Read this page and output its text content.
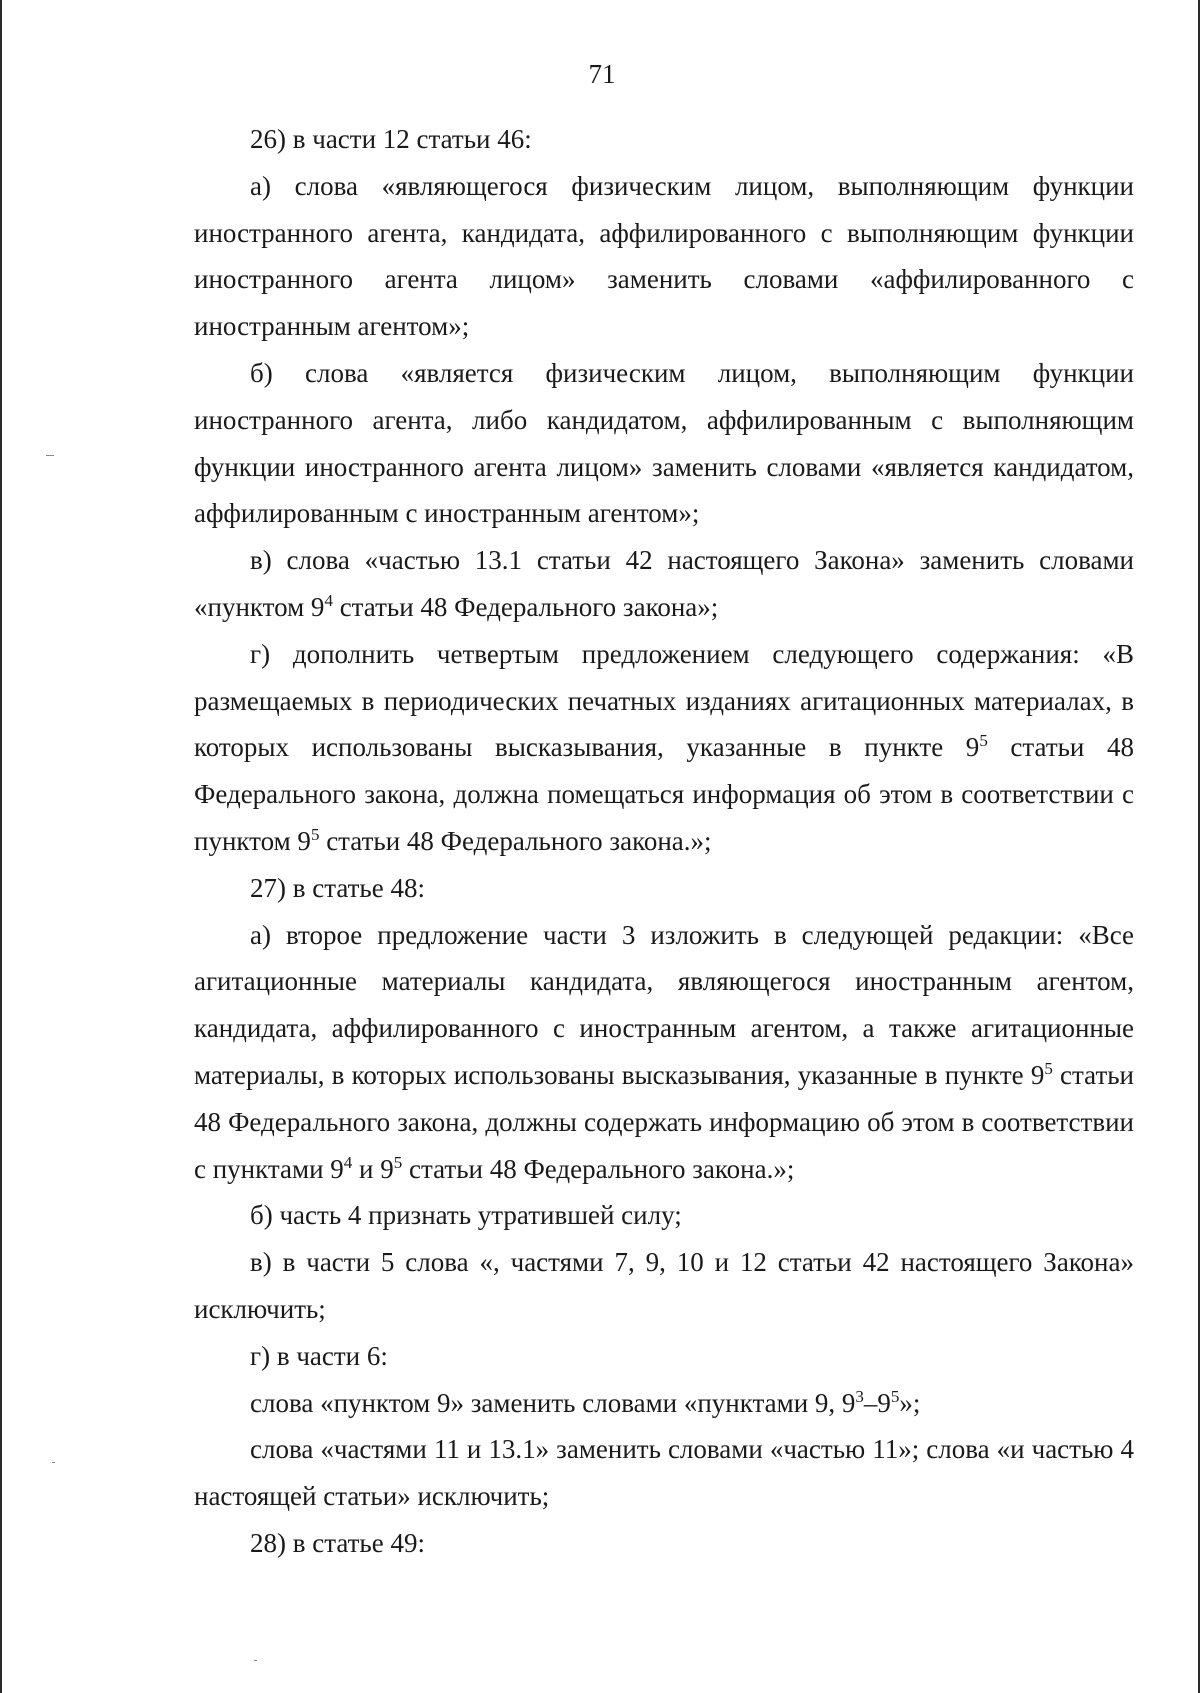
71

26) в части 12 статьи 46:

а) слова «являющегося физическим лицом, выполняющим функции иностранного агента, кандидата, аффилированного с выполняющим функции иностранного агента лицом» заменить словами «аффилированного с иностранным агентом»;

б) слова «является физическим лицом, выполняющим функции иностранного агента, либо кандидатом, аффилированным с выполняющим функции иностранного агента лицом» заменить словами «является кандидатом, аффилированным с иностранным агентом»;

в) слова «частью 13.1 статьи 42 настоящего Закона» заменить словами «пунктом $9^4$ статьи 48 Федерального закона»;

г) дополнить четвертым предложением следующего содержания: «В размещаемых в периодических печатных изданиях агитационных материалах, в которых использованы высказывания, указанные в пункте $9^5$ статьи 48 Федерального закона, должна помещаться информация об этом в соответствии с пунктом $9^5$ статьи 48 Федерального закона.»;

27) в статье 48:

а) второе предложение части 3 изложить в следующей редакции: «Все агитационные материалы кандидата, являющегося иностранным агентом, кандидата, аффилированного с иностранным агентом, а также агитационные материалы, в которых использованы высказывания, указанные в пункте $9^5$ статьи 48 Федерального закона, должны содержать информацию об этом в соответствии с пунктами $9^4$ и $9^5$ статьи 48 Федерального закона.»;

б) часть 4 признать утратившей силу;

в) в части 5 слова «, частями 7, 9, 10 и 12 статьи 42 настоящего Закона» исключить;

г) в части 6:

слова «пунктом 9» заменить словами «пунктами 9, $9^3-9^5$»;

слова «частями 11 и 13.1» заменить словами «частью 11»; слова «и частью 4 настоящей статьи» исключить;

28) в статье 49:
